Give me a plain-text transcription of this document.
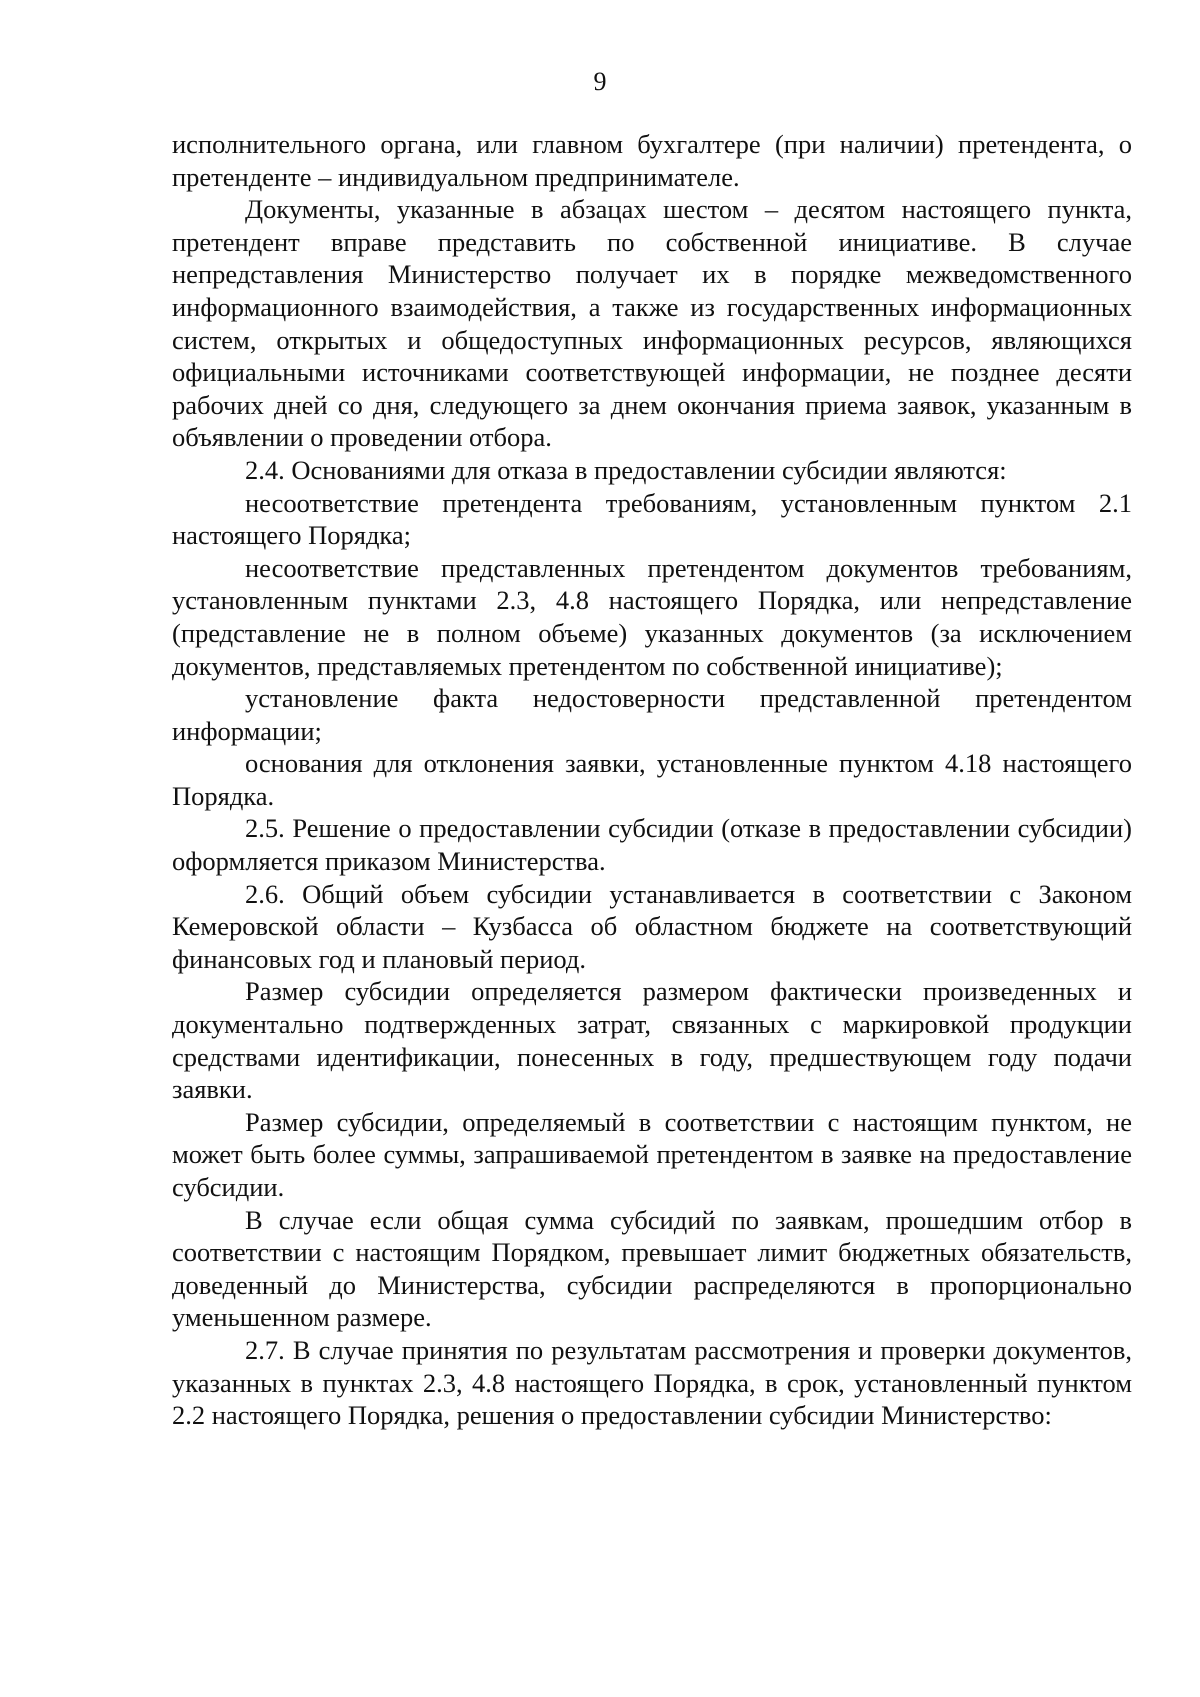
9

исполнительного органа, или главном бухгалтере (при наличии) претендента, о претенденте – индивидуальном предпринимателе.

Документы, указанные в абзацах шестом – десятом настоящего пункта, претендент вправе представить по собственной инициативе. В случае непредставления Министерство получает их в порядке межведомственного информационного взаимодействия, а также из государственных информационных систем, открытых и общедоступных информационных ресурсов, являющихся официальными источниками соответствующей информации, не позднее десяти рабочих дней со дня, следующего за днем окончания приема заявок, указанным в объявлении о проведении отбора.

2.4. Основаниями для отказа в предоставлении субсидии являются:

несоответствие претендента требованиям, установленным пунктом 2.1 настоящего Порядка;

несоответствие представленных претендентом документов требованиям, установленным пунктами 2.3, 4.8 настоящего Порядка, или непредставление (представление не в полном объеме) указанных документов (за исключением документов, представляемых претендентом по собственной инициативе);

установление факта недостоверности представленной претендентом информации;

основания для отклонения заявки, установленные пунктом 4.18 настоящего Порядка.

2.5. Решение о предоставлении субсидии (отказе в предоставлении субсидии) оформляется приказом Министерства.

2.6. Общий объем субсидии устанавливается в соответствии с Законом Кемеровской области – Кузбасса об областном бюджете на соответствующий финансовых год и плановый период.

Размер субсидии определяется размером фактически произведенных и документально подтвержденных затрат, связанных с маркировкой продукции средствами идентификации, понесенных в году, предшествующем году подачи заявки.

Размер субсидии, определяемый в соответствии с настоящим пунктом, не может быть более суммы, запрашиваемой претендентом в заявке на предоставление субсидии.

В случае если общая сумма субсидий по заявкам, прошедшим отбор в соответствии с настоящим Порядком, превышает лимит бюджетных обязательств, доведенный до Министерства, субсидии распределяются в пропорционально уменьшенном размере.

2.7. В случае принятия по результатам рассмотрения и проверки документов, указанных в пунктах 2.3, 4.8 настоящего Порядка, в срок, установленный пунктом 2.2 настоящего Порядка, решения о предоставлении субсидии Министерство:
